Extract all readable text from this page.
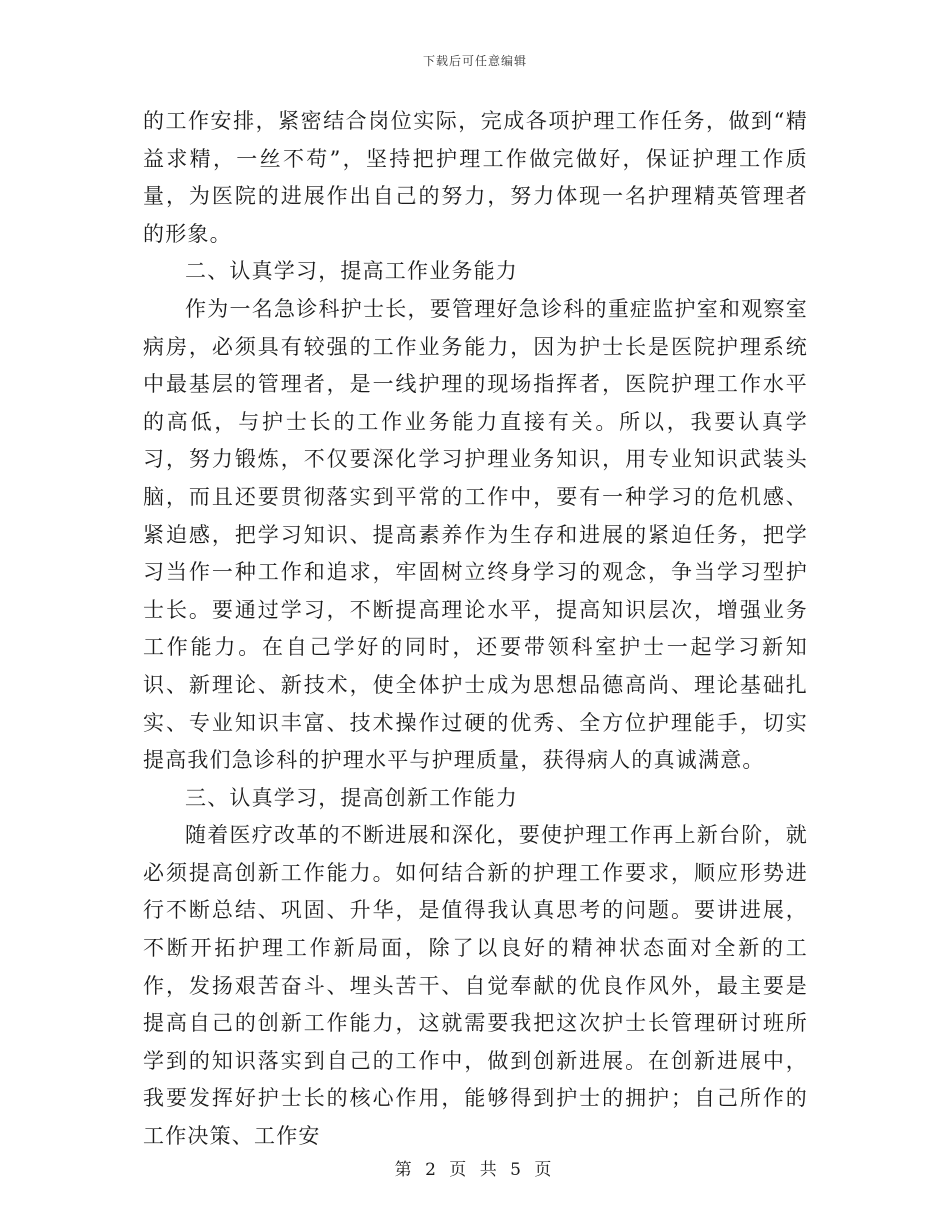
下载后可任意编辑

的工作安排，紧密结合岗位实际，完成各项护理工作任务，做到“精益求精，一丝不苟”，坚持把护理工作做完做好，保证护理工作质量，为医院的进展作出自己的努力，努力体现一名护理精英管理者的形象。

二、认真学习，提高工作业务能力

作为一名急诊科护士长，要管理好急诊科的重症监护室和观察室病房，必须具有较强的工作业务能力，因为护士长是医院护理系统中最基层的管理者，是一线护理的现场指挥者，医院护理工作水平的高低，与护士长的工作业务能力直接有关。所以，我要认真学习，努力锻炼，不仅要深化学习护理业务知识，用专业知识武装头脑，而且还要贯彻落实到平常的工作中，要有一种学习的危机感、紧迫感，把学习知识、提高素养作为生存和进展的紧迫任务，把学习当作一种工作和追求，牢固树立终身学习的观念，争当学习型护士长。要通过学习，不断提高理论水平，提高知识层次，增强业务工作能力。在自己学好的同时，还要带领科室护士一起学习新知识、新理论、新技术，使全体护士成为思想品德高尚、理论基础扎实、专业知识丰富、技术操作过硬的优秀、全方位护理能手，切实提高我们急诊科的护理水平与护理质量，获得病人的真诚满意。

三、认真学习，提高创新工作能力

随着医疗改革的不断进展和深化，要使护理工作再上新台阶，就必须提高创新工作能力。如何结合新的护理工作要求，顺应形势进行不断总结、巩固、升华，是值得我认真思考的问题。要讲进展，不断开拓护理工作新局面，除了以良好的精神状态面对全新的工作，发扬艰苦奋斗、埋头苦干、自觉奉献的优良作风外，最主要是提高自己的创新工作能力，这就需要我把这次护士长管理研讨班所学到的知识落实到自己的工作中，做到创新进展。在创新进展中，我要发挥好护士长的核心作用，能够得到护士的拥护；自己所作的工作决策、工作安

第 2 页 共 5 页
